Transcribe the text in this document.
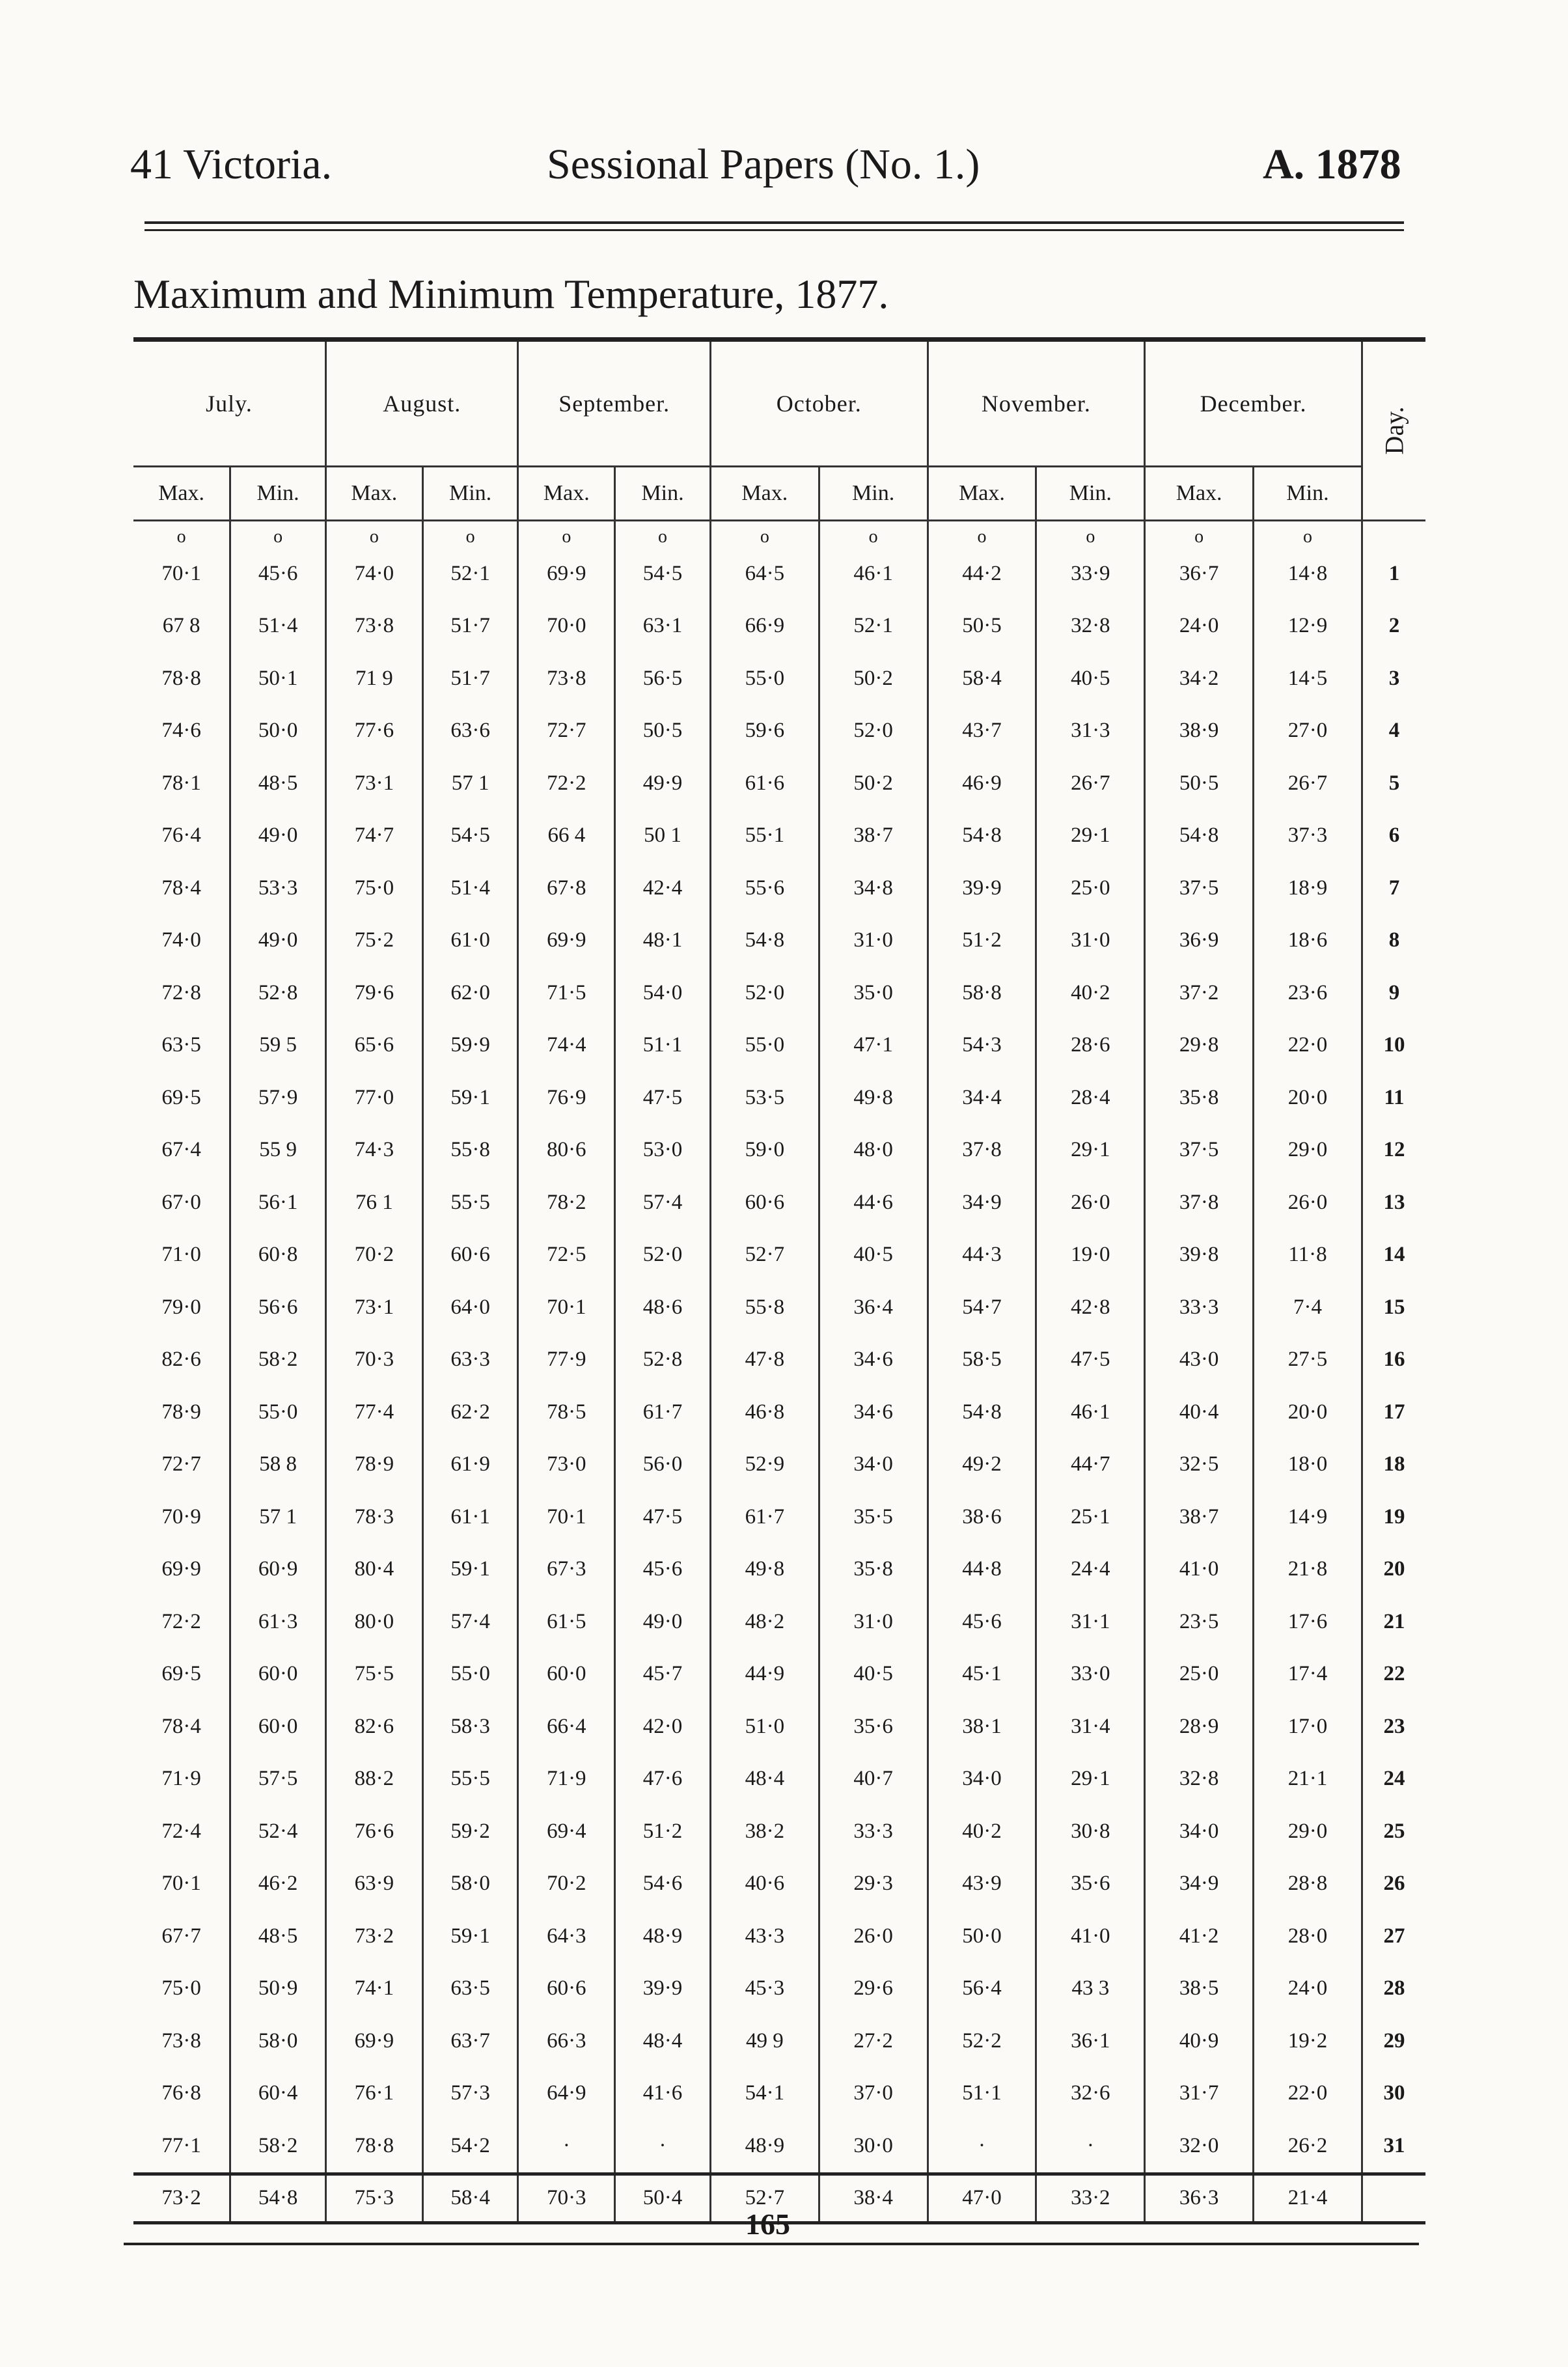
41 Victoria.	Sessional Papers (No. 1.)	A. 1878
Maximum and Minimum Temperature, 1877.
July.		August.		September.		October.		November.		December.		Day.
Max.	Min.	Max.	Min.	Max.	Min.	Max.	Min.	Max.	Min.	Max.	Min.	
o	o	o	o	o	o	o	o	o	o	o	o	
70·1	45·6	74·0	52·1	69·9	54·5	64·5	46·1	44·2	33·9	36·7	14·8	1
67 8	51·4	73·8	51·7	70·0	63·1	66·9	52·1	50·5	32·8	24·0	12·9	2
78·8	50·1	71 9	51·7	73·8	56·5	55·0	50·2	58·4	40·5	34·2	14·5	3
74·6	50·0	77·6	63·6	72·7	50·5	59·6	52·0	43·7	31·3	38·9	27·0	4
78·1	48·5	73·1	57 1	72·2	49·9	61·6	50·2	46·9	26·7	50·5	26·7	5
76·4	49·0	74·7	54·5	66 4	50 1	55·1	38·7	54·8	29·1	54·8	37·3	6
78·4	53·3	75·0	51·4	67·8	42·4	55·6	34·8	39·9	25·0	37·5	18·9	7
74·0	49·0	75·2	61·0	69·9	48·1	54·8	31·0	51·2	31·0	36·9	18·6	8
72·8	52·8	79·6	62·0	71·5	54·0	52·0	35·0	58·8	40·2	37·2	23·6	9
63·5	59 5	65·6	59·9	74·4	51·1	55·0	47·1	54·3	28·6	29·8	22·0	10
69·5	57·9	77·0	59·1	76·9	47·5	53·5	49·8	34·4	28·4	35·8	20·0	11
67·4	55 9	74·3	55·8	80·6	53·0	59·0	48·0	37·8	29·1	37·5	29·0	12
67·0	56·1	76 1	55·5	78·2	57·4	60·6	44·6	34·9	26·0	37·8	26·0	13
71·0	60·8	70·2	60·6	72·5	52·0	52·7	40·5	44·3	19·0	39·8	11·8	14
79·0	56·6	73·1	64·0	70·1	48·6	55·8	36·4	54·7	42·8	33·3	7·4	15
82·6	58·2	70·3	63·3	77·9	52·8	47·8	34·6	58·5	47·5	43·0	27·5	16
78·9	55·0	77·4	62·2	78·5	61·7	46·8	34·6	54·8	46·1	40·4	20·0	17
72·7	58 8	78·9	61·9	73·0	56·0	52·9	34·0	49·2	44·7	32·5	18·0	18
70·9	57 1	78·3	61·1	70·1	47·5	61·7	35·5	38·6	25·1	38·7	14·9	19
69·9	60·9	80·4	59·1	67·3	45·6	49·8	35·8	44·8	24·4	41·0	21·8	20
72·2	61·3	80·0	57·4	61·5	49·0	48·2	31·0	45·6	31·1	23·5	17·6	21
69·5	60·0	75·5	55·0	60·0	45·7	44·9	40·5	45·1	33·0	25·0	17·4	22
78·4	60·0	82·6	58·3	66·4	42·0	51·0	35·6	38·1	31·4	28·9	17·0	23
71·9	57·5	88·2	55·5	71·9	47·6	48·4	40·7	34·0	29·1	32·8	21·1	24
72·4	52·4	76·6	59·2	69·4	51·2	38·2	33·3	40·2	30·8	34·0	29·0	25
70·1	46·2	63·9	58·0	70·2	54·6	40·6	29·3	43·9	35·6	34·9	28·8	26
67·7	48·5	73·2	59·1	64·3	48·9	43·3	26·0	50·0	41·0	41·2	28·0	27
75·0	50·9	74·1	63·5	60·6	39·9	45·3	29·6	56·4	43 3	38·5	24·0	28
73·8	58·0	69·9	63·7	66·3	48·4	49 9	27·2	52·2	36·1	40·9	19·2	29
76·8	60·4	76·1	57·3	64·9	41·6	54·1	37·0	51·1	32·6	31·7	22·0	30
77·1	58·2	78·8	54·2	·	·	48·9	30·0	·	·	32·0	26·2	31
73·2	54·8	75·3	58·4	70·3	50·4	52·7	38·4	47·0	33·2	36·3	21·4	
165
